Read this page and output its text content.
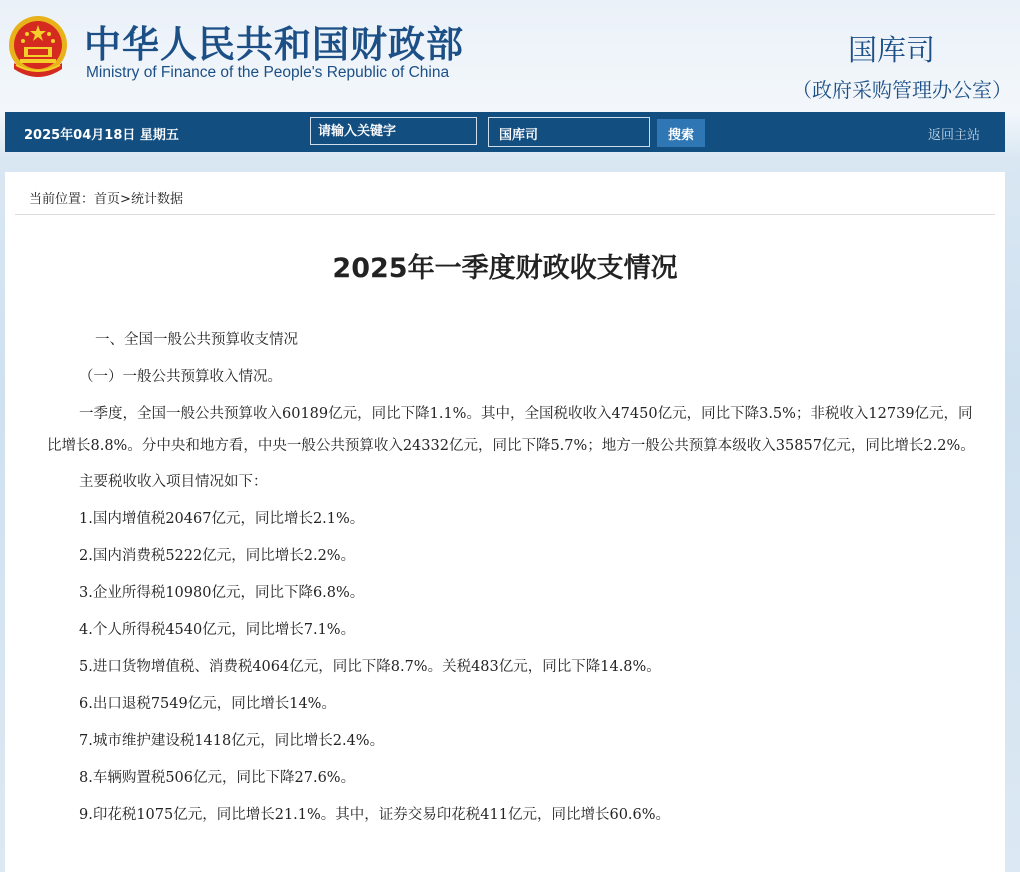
中华人民共和国财政部
Ministry of Finance of the People's Republic of China
国库司
（政府采购管理办公室）
2025年04月18日 星期五
请输入关键字	国库司	搜索	返回主站
当前位置：首页>统计数据
2025年一季度财政收支情况

一、全国一般公共预算收支情况

（一）一般公共预算收入情况。

一季度，全国一般公共预算收入60189亿元，同比下降1.1%。其中，全国税收收入47450亿元，同比下降3.5%；非税收入12739亿元，同比增长8.8%。分中央和地方看，中央一般公共预算收入24332亿元，同比下降5.7%；地方一般公共预算本级收入35857亿元，同比增长2.2%。

主要税收收入项目情况如下：

1.国内增值税20467亿元，同比增长2.1%。

2.国内消费税5222亿元，同比增长2.2%。

3.企业所得税10980亿元，同比下降6.8%。

4.个人所得税4540亿元，同比增长7.1%。

5.进口货物增值税、消费税4064亿元，同比下降8.7%。关税483亿元，同比下降14.8%。

6.出口退税7549亿元，同比增长14%。

7.城市维护建设税1418亿元，同比增长2.4%。

8.车辆购置税506亿元，同比下降27.6%。

9.印花税1075亿元，同比增长21.1%。其中，证券交易印花税411亿元，同比增长60.6%。
